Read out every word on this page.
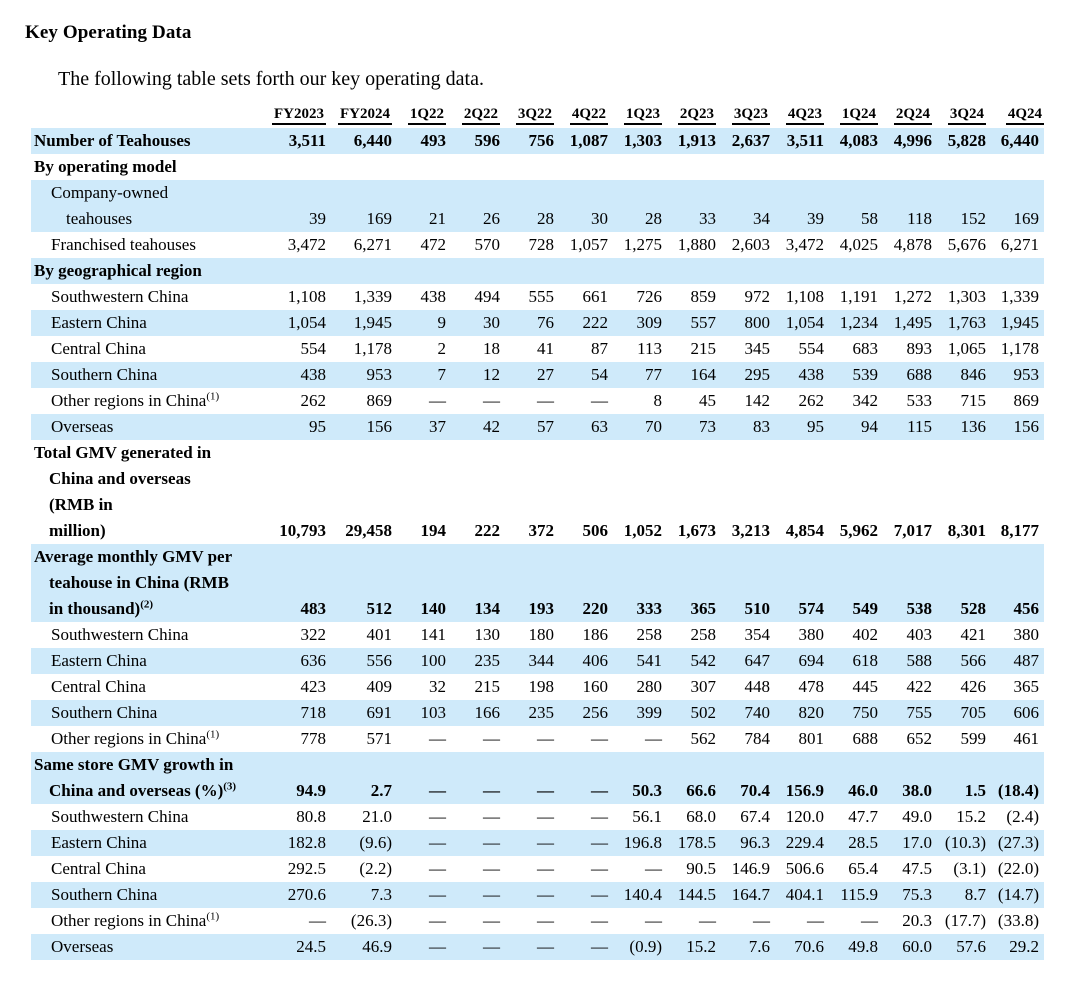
Key Operating Data

The following table sets forth our key operating data.

	FY2023	FY2024	1Q22	2Q22	3Q22	4Q22	1Q23	2Q23	3Q23	4Q23	1Q24	2Q24	3Q24	4Q24

Number of Teahouses	3,511	6,440	493	596	756	1,087	1,303	1,913	2,637	3,511	4,083	4,996	5,828	6,440

By operating model														

Company-owned
teahouses	39	169	21	26	28	30	28	33	34	39	58	118	152	169

Franchised teahouses	3,472	6,271	472	570	728	1,057	1,275	1,880	2,603	3,472	4,025	4,878	5,676	6,271

By geographical region														

Southwestern China	1,108	1,339	438	494	555	661	726	859	972	1,108	1,191	1,272	1,303	1,339

Eastern China	1,054	1,945	9	30	76	222	309	557	800	1,054	1,234	1,495	1,763	1,945

Central China	554	1,178	2	18	41	87	113	215	345	554	683	893	1,065	1,178

Southern China	438	953	7	12	27	54	77	164	295	438	539	688	846	953

Other regions in China$^{(1)}$	262	869	—	—	—	—	8	45	142	262	342	533	715	869

Overseas	95	156	37	42	57	63	70	73	83	95	94	115	136	156

Total GMV generated in
China and overseas
(RMB in
million)	10,793	29,458	194	222	372	506	1,052	1,673	3,213	4,854	5,962	7,017	8,301	8,177

Average monthly GMV per
teahouse in China (RMB
in thousand)$^{(2)}$	483	512	140	134	193	220	333	365	510	574	549	538	528	456

Southwestern China	322	401	141	130	180	186	258	258	354	380	402	403	421	380

Eastern China	636	556	100	235	344	406	541	542	647	694	618	588	566	487

Central China	423	409	32	215	198	160	280	307	448	478	445	422	426	365

Southern China	718	691	103	166	235	256	399	502	740	820	750	755	705	606

Other regions in China$^{(1)}$	778	571	—	—	—	—	—	562	784	801	688	652	599	461

Same store GMV growth in
China and overseas (%)$^{(3)}$	94.9	2.7	—	—	—	—	50.3	66.6	70.4	156.9	46.0	38.0	1.5	(18.4)

Southwestern China	80.8	21.0	—	—	—	—	56.1	68.0	67.4	120.0	47.7	49.0	15.2	(2.4)

Eastern China	182.8	(9.6)	—	—	—	—	196.8	178.5	96.3	229.4	28.5	17.0	(10.3)	(27.3)

Central China	292.5	(2.2)	—	—	—	—	—	90.5	146.9	506.6	65.4	47.5	(3.1)	(22.0)

Southern China	270.6	7.3	—	—	—	—	140.4	144.5	164.7	404.1	115.9	75.3	8.7	(14.7)

Other regions in China$^{(1)}$	—	(26.3)	—	—	—	—	—	—	—	—	—	20.3	(17.7)	(33.8)

Overseas	24.5	46.9	—	—	—	—	(0.9)	15.2	7.6	70.6	49.8	60.0	57.6	29.2
